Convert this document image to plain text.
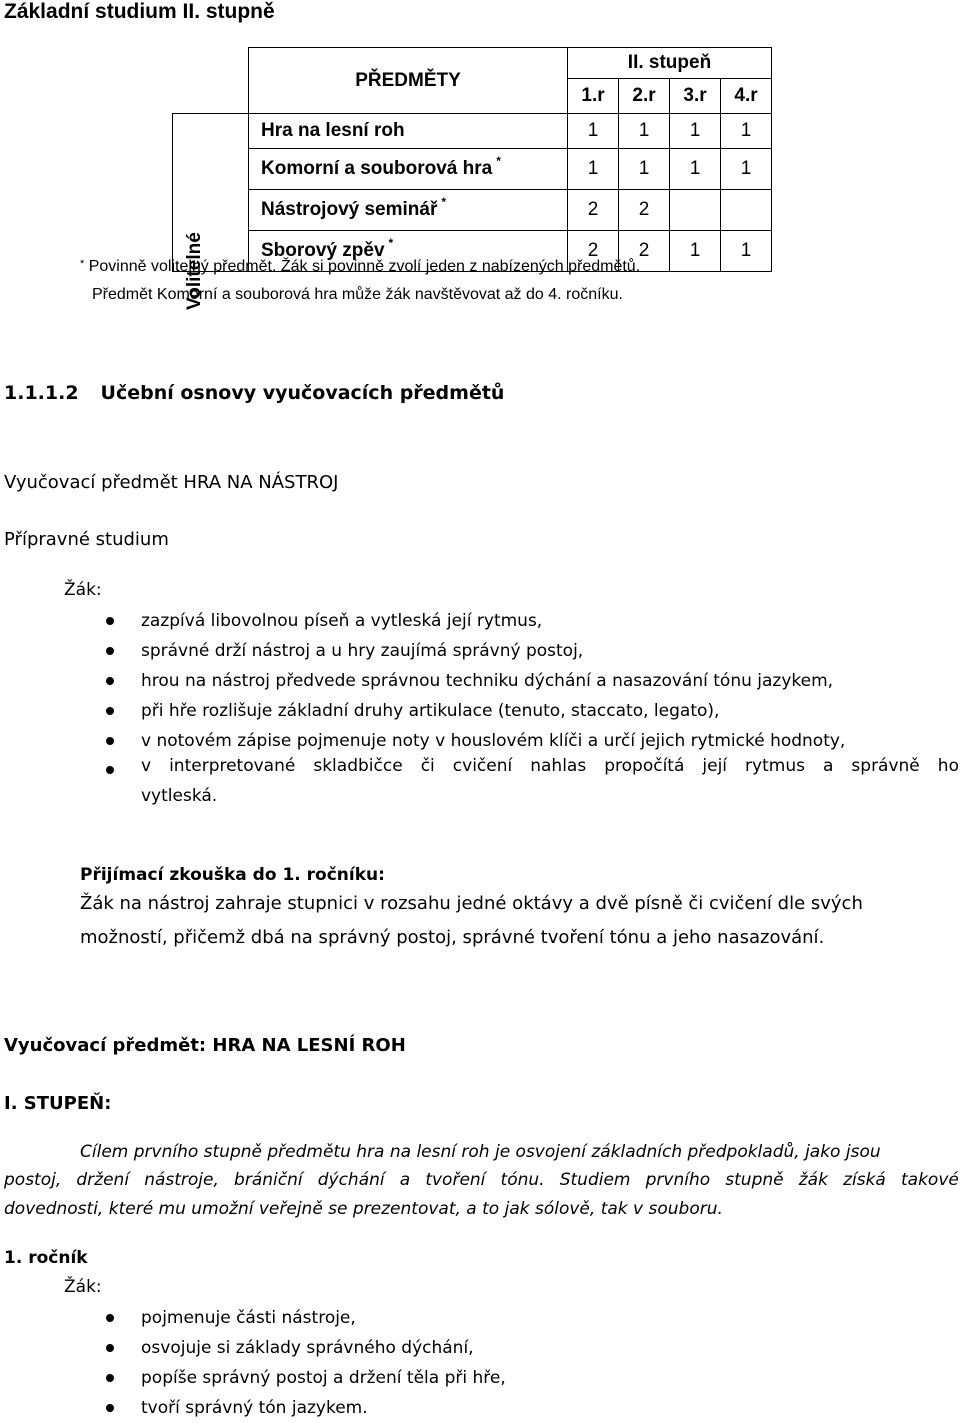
Základní studium II. stupně
	PŘEDMĚTY	II. stupeň			
		1.r	2.r	3.r	4.r

Volitelné	Hra na lesní roh	1	1	1	1
	Komorní a souborová hra *	1	1	1	1
	Nástrojový seminář *	2	2		
	Sborový zpěv *	2	2	1	1
* Povinně volitelný předmět. Žák si povinně zvolí jeden z nabízených předmětů.
Předmět Komorní a souborová hra může žák navštěvovat až do 4. ročníku.
1.1.1.2 Učební osnovy vyučovacích předmětů
Vyučovací předmět HRA NA NÁSTROJ
Přípravné studium
Žák:
zazpívá libovolnou píseň a vytleská její rytmus,
správné drží nástroj a u hry zaujímá správný postoj,
hrou na nástroj předvede správnou techniku dýchání a nasazování tónu jazykem,
při hře rozlišuje základní druhy artikulace (tenuto, staccato, legato),
v notovém zápise pojmenuje noty v houslovém klíči a určí jejich rytmické hodnoty,
v interpretované skladbičce či cvičení nahlas propočítá její rytmus a správně ho
vytleská.
Přijímací zkouška do 1. ročníku:
Žák na nástroj zahraje stupnici v rozsahu jedné oktávy a dvě písně či cvičení dle svých
možností, přičemž dbá na správný postoj, správné tvoření tónu a jeho nasazování.
Vyučovací předmět: HRA NA LESNÍ ROH
I. STUPEŇ:
Cílem prvního stupně předmětu hra na lesní roh je osvojení základních předpokladů, jako jsou
postoj, držení nástroje, brániční dýchání a tvoření tónu. Studiem prvního stupně žák získá takové
dovednosti, které mu umožní veřejně se prezentovat, a to jak sólově, tak v souboru.
1. ročník
Žák:
pojmenuje části nástroje,
osvojuje si základy správného dýchání,
popíše správný postoj a držení těla při hře,
tvoří správný tón jazykem.
